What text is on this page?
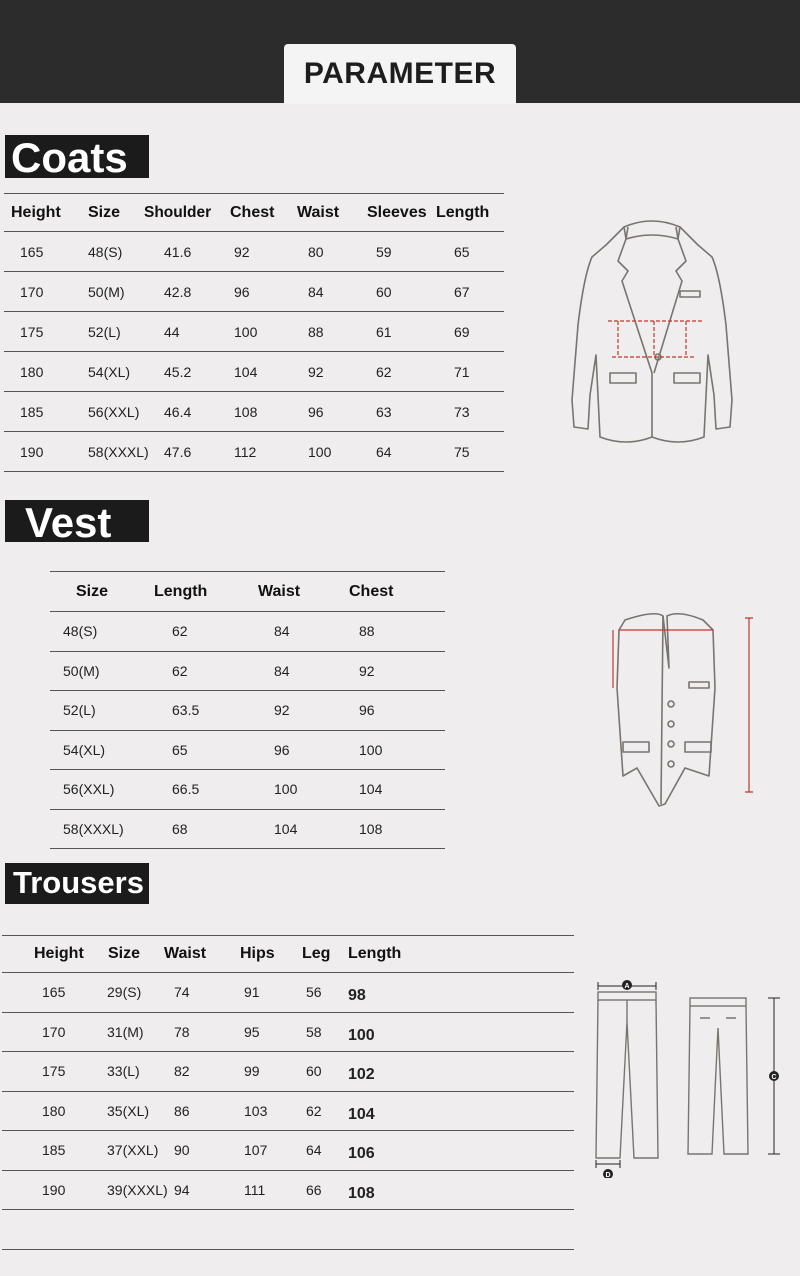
PARAMETER
Coats
Height	Size	Shoulder	Chest	Waist	Sleeves	Length
165	48(S)	41.6	92	80	59	65
170	50(M)	42.8	96	84	60	67
175	52(L)	44	100	88	61	69
180	54(XL)	45.2	104	92	62	71
185	56(XXL)	46.4	108	96	63	73
190	58(XXXL)	47.6	112	100	64	75
Vest
Size	Length	Waist	Chest
48(S)	62	84	88
50(M)	62	84	92
52(L)	63.5	92	96
54(XL)	65	96	100
56(XXL)	66.5	100	104
58(XXXL)	68	104	108
Trousers
Height	Size	Waist	Hips	Leg	Length
165	29(S)	74	91	56	98
170	31(M)	78	95	58	100
175	33(L)	82	99	60	102
180	35(XL)	86	103	62	104
185	37(XXL)	90	107	64	106
190	39(XXXL)	94	111	66	108
A
D
C
